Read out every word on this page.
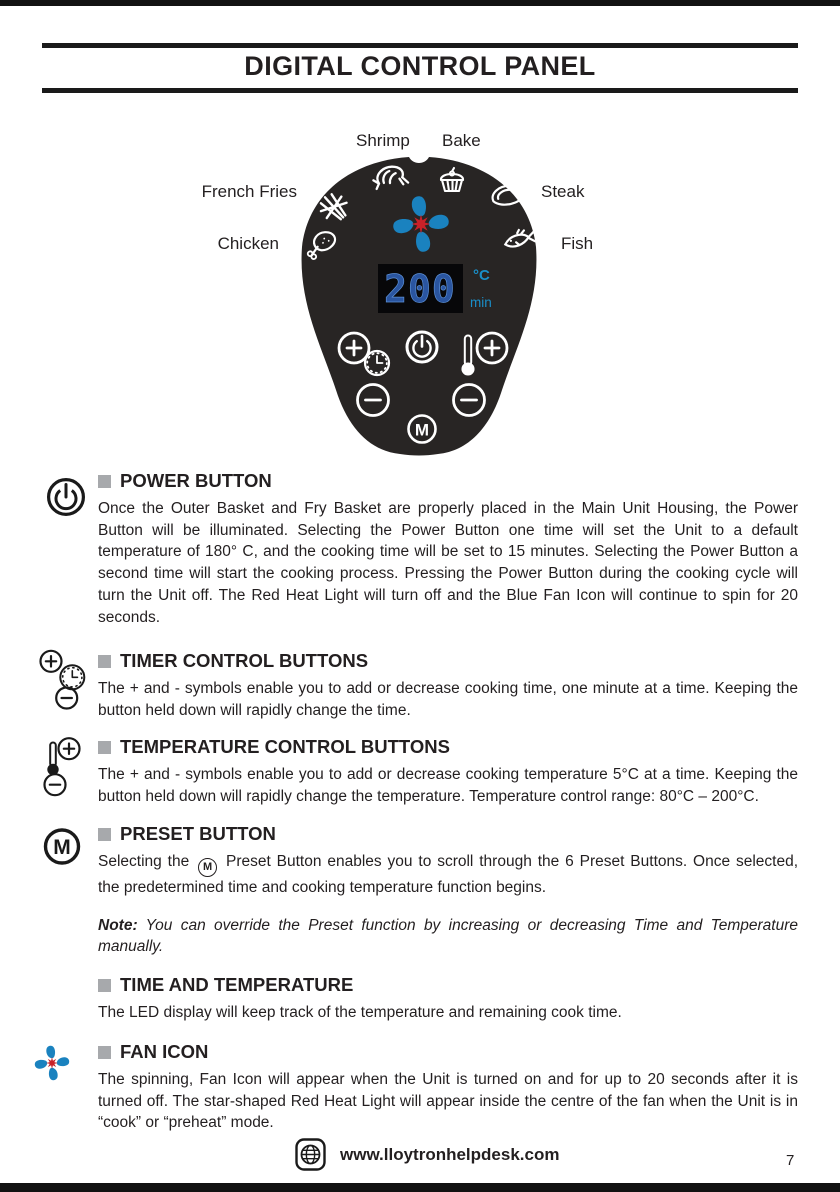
DIGITAL CONTROL PANEL
Shrimp Bake
French Fries	Steak
Chicken	Fish
200 °C
min
M
M
POWER BUTTON

Once the Outer Basket and Fry Basket are properly placed in the Main Unit Housing, the Power Button will be illuminated. Selecting the Power Button one time will set the Unit to a default temperature of 180° C, and the cooking time will be set to 15 minutes. Selecting the Power Button a second time will start the cooking process. Pressing the Power Button during the cooking cycle will turn the Unit off. The Red Heat Light will turn off and the Blue Fan Icon will continue to spin for 20 seconds.

TIMER CONTROL BUTTONS

The + and - symbols enable you to add or decrease cooking time, one minute at a time. Keeping the button held down will rapidly change the time.

TEMPERATURE CONTROL BUTTONS

The + and - symbols enable you to add or decrease cooking temperature 5°C at a time. Keeping the button held down will rapidly change the temperature. Temperature control range: 80°C – 200°C.

PRESET BUTTON

Selecting the M Preset Button enables you to scroll through the 6 Preset Buttons. Once selected, the predetermined time and cooking temperature function begins.

Note: You can override the Preset function by increasing or decreasing Time and Temperature manually.

TIME AND TEMPERATURE

The LED display will keep track of the temperature and remaining cook time.

FAN ICON

The spinning, Fan Icon will appear when the Unit is turned on and for up to 20 seconds after it is turned off. The star-shaped Red Heat Light will appear inside the centre of the fan when the Unit is in “cook” or “preheat” mode.

www.lloytronhelpdesk.com	7
